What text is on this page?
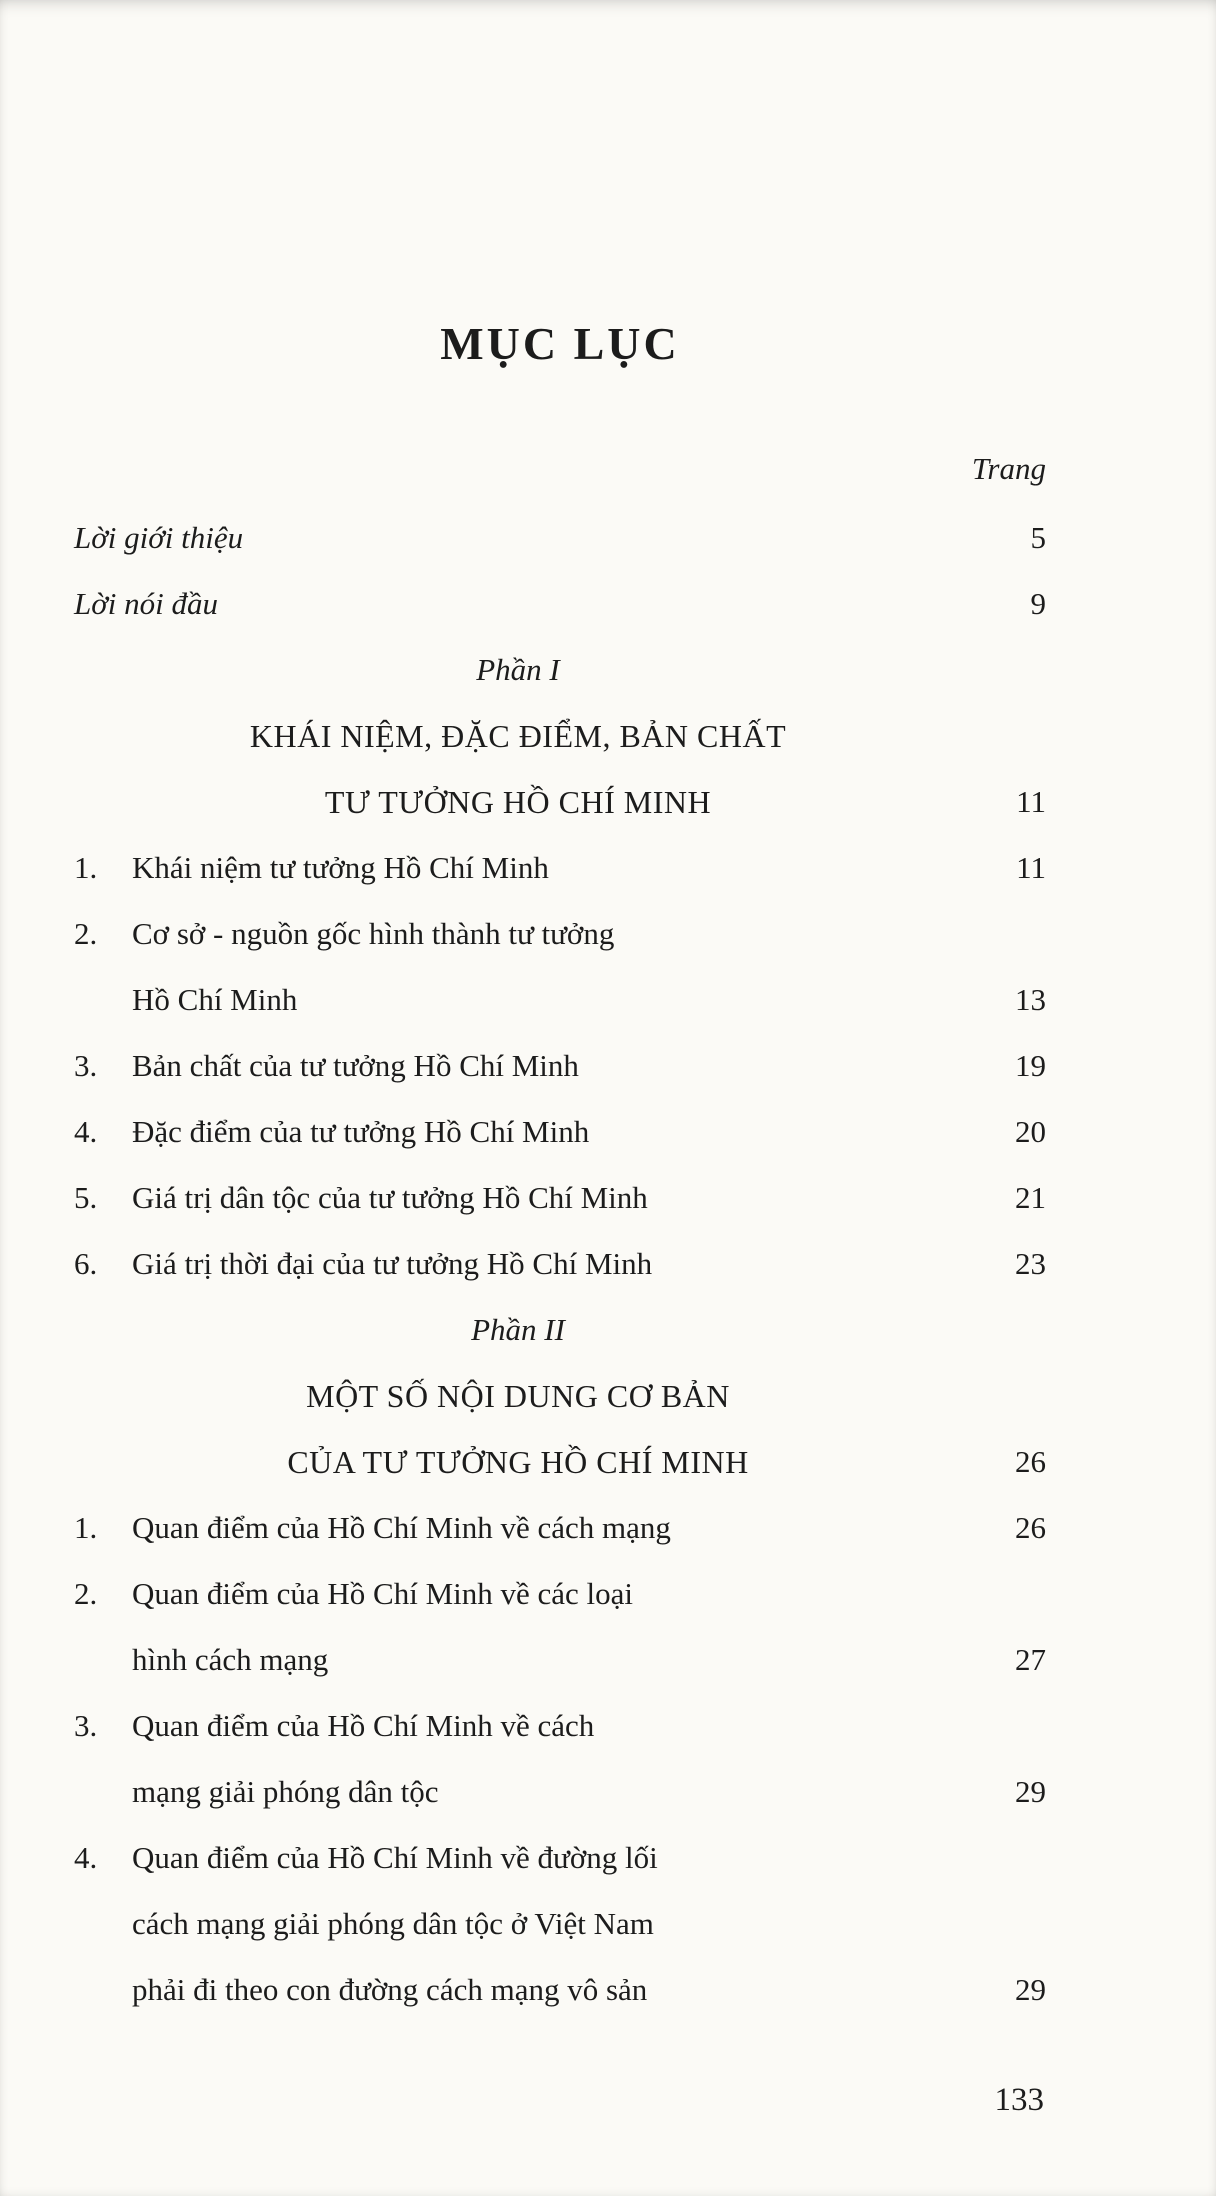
MỤC LỤC
Trang
Lời giới thiệu	5
Lời nói đầu	9
Phần I
KHÁI NIỆM, ĐẶC ĐIỂM, BẢN CHẤT
TƯ TƯỞNG HỒ CHÍ MINH	11
1.	Khái niệm tư tưởng Hồ Chí Minh	11
2.	Cơ sở - nguồn gốc hình thành tư tưởng
Hồ Chí Minh	13
3.	Bản chất của tư tưởng Hồ Chí Minh	19
4.	Đặc điểm của tư tưởng Hồ Chí Minh	20
5.	Giá trị dân tộc của tư tưởng Hồ Chí Minh	21
6.	Giá trị thời đại của tư tưởng Hồ Chí Minh	23
Phần II
MỘT SỐ NỘI DUNG CƠ BẢN
CỦA TƯ TƯỞNG HỒ CHÍ MINH	26
1.	Quan điểm của Hồ Chí Minh về cách mạng	26
2.	Quan điểm của Hồ Chí Minh về các loại
hình cách mạng	27
3.	Quan điểm của Hồ Chí Minh về cách
mạng giải phóng dân tộc	29
4.	Quan điểm của Hồ Chí Minh về đường lối
cách mạng giải phóng dân tộc ở Việt Nam
phải đi theo con đường cách mạng vô sản	29
133
